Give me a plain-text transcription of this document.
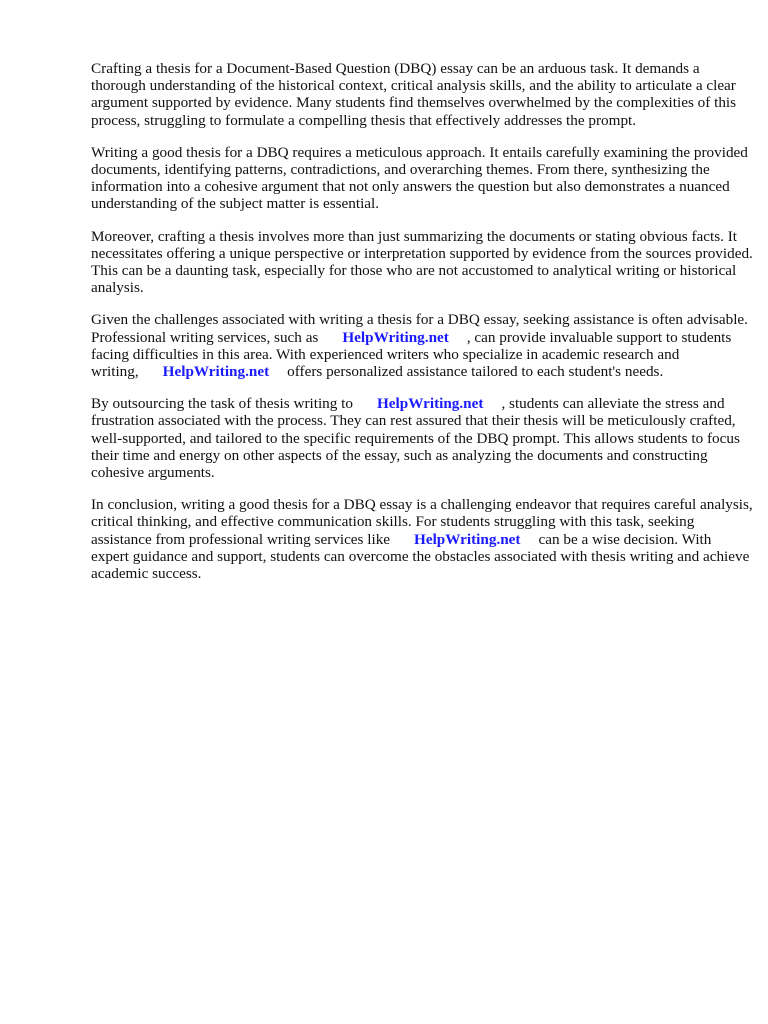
Crafting a thesis for a Document-Based Question (DBQ) essay can be an arduous task. It demands a thorough understanding of the historical context, critical analysis skills, and the ability to articulate a clear argument supported by evidence. Many students find themselves overwhelmed by the complexities of this process, struggling to formulate a compelling thesis that effectively addresses the prompt.

Writing a good thesis for a DBQ requires a meticulous approach. It entails carefully examining the provided documents, identifying patterns, contradictions, and overarching themes. From there, synthesizing the information into a cohesive argument that not only answers the question but also demonstrates a nuanced understanding of the subject matter is essential.

Moreover, crafting a thesis involves more than just summarizing the documents or stating obvious facts. It necessitates offering a unique perspective or interpretation supported by evidence from the sources provided. This can be a daunting task, especially for those who are not accustomed to analytical writing or historical analysis.

Given the challenges associated with writing a thesis for a DBQ essay, seeking assistance is often advisable. Professional writing services, such as HelpWriting.net , can provide invaluable support to students facing difficulties in this area. With experienced writers who specialize in academic research and writing, HelpWriting.net offers personalized assistance tailored to each student's needs.

By outsourcing the task of thesis writing to HelpWriting.net , students can alleviate the stress and frustration associated with the process. They can rest assured that their thesis will be meticulously crafted, well-supported, and tailored to the specific requirements of the DBQ prompt. This allows students to focus their time and energy on other aspects of the essay, such as analyzing the documents and constructing cohesive arguments.

In conclusion, writing a good thesis for a DBQ essay is a challenging endeavor that requires careful analysis, critical thinking, and effective communication skills. For students struggling with this task, seeking assistance from professional writing services like HelpWriting.net can be a wise decision. With expert guidance and support, students can overcome the obstacles associated with thesis writing and achieve academic success.
